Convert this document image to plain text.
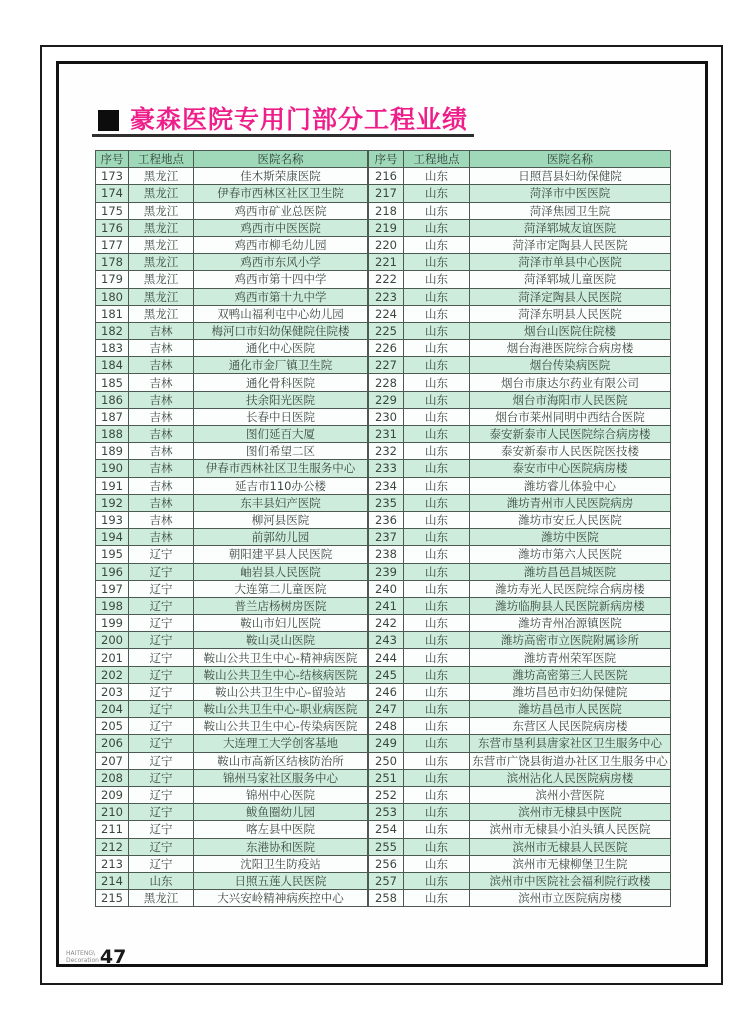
豪森医院专用门部分工程业绩
序号	工程地点	医院名称
173	黑龙江	佳木斯荣康医院
174	黑龙江	伊春市西林区社区卫生院
175	黑龙江	鸡西市矿业总医院
176	黑龙江	鸡西市中医医院
177	黑龙江	鸡西市柳毛幼儿园
178	黑龙江	鸡西市东风小学
179	黑龙江	鸡西市第十四中学
180	黑龙江	鸡西市第十九中学
181	黑龙江	双鸭山福利屯中心幼儿园
182	吉林	梅河口市妇幼保健院住院楼
183	吉林	通化中心医院
184	吉林	通化市金厂镇卫生院
185	吉林	通化骨科医院
186	吉林	扶余阳光医院
187	吉林	长春中日医院
188	吉林	图们延百大厦
189	吉林	图们希望二区
190	吉林	伊春市西林社区卫生服务中心
191	吉林	延吉市110办公楼
192	吉林	东丰县妇产医院
193	吉林	柳河县医院
194	吉林	前郭幼儿园
195	辽宁	朝阳建平县人民医院
196	辽宁	岫岩县人民医院
197	辽宁	大连第二儿童医院
198	辽宁	普兰店杨树房医院
199	辽宁	鞍山市妇儿医院
200	辽宁	鞍山灵山医院
201	辽宁	鞍山公共卫生中心-精神病医院
202	辽宁	鞍山公共卫生中心-结核病医院
203	辽宁	鞍山公共卫生中心-留验站
204	辽宁	鞍山公共卫生中心-职业病医院
205	辽宁	鞍山公共卫生中心-传染病医院
206	辽宁	大连理工大学创客基地
207	辽宁	鞍山市高新区结核防治所
208	辽宁	锦州马家社区服务中心
209	辽宁	锦州中心医院
210	辽宁	鲅鱼圈幼儿园
211	辽宁	喀左县中医院
212	辽宁	东港协和医院
213	辽宁	沈阳卫生防疫站
214	山东	日照五莲人民医院
215	黑龙江	大兴安岭精神病疾控中心
序号	工程地点	医院名称
216	山东	日照莒县妇幼保健院
217	山东	菏泽市中医医院
218	山东	菏泽焦园卫生院
219	山东	菏泽郓城友谊医院
220	山东	菏泽市定陶县人民医院
221	山东	菏泽市单县中心医院
222	山东	菏泽郓城儿童医院
223	山东	菏泽定陶县人民医院
224	山东	菏泽东明县人民医院
225	山东	烟台山医院住院楼
226	山东	烟台海港医院综合病房楼
227	山东	烟台传染病医院
228	山东	烟台市康达尔药业有限公司
229	山东	烟台市海阳市人民医院
230	山东	烟台市莱州同明中西结合医院
231	山东	泰安新泰市人民医院综合病房楼
232	山东	泰安新泰市人民医院医技楼
233	山东	泰安市中心医院病房楼
234	山东	潍坊睿儿体验中心
235	山东	潍坊青州市人民医院病房
236	山东	潍坊市安丘人民医院
237	山东	潍坊中医院
238	山东	潍坊市第六人民医院
239	山东	潍坊昌邑昌城医院
240	山东	潍坊寿光人民医院综合病房楼
241	山东	潍坊临朐县人民医院新病房楼
242	山东	潍坊青州冶源镇医院
243	山东	潍坊高密市立医院附属诊所
244	山东	潍坊青州荣军医院
245	山东	潍坊高密第三人民医院
246	山东	潍坊昌邑市妇幼保健院
247	山东	潍坊昌邑市人民医院
248	山东	东营区人民医院病房楼
249	山东	东营市垦利县唐家社区卫生服务中心
250	山东	东营市广饶县街道办社区卫生服务中心
251	山东	滨州沾化人民医院病房楼
252	山东	滨州小营医院
253	山东	滨州市无棣县中医院
254	山东	滨州市无棣县小泊头镇人民医院
255	山东	滨州市无棣县人民医院
256	山东	滨州市无棣柳堡卫生院
257	山东	滨州市中医院社会福利院行政楼
258	山东	滨州市立医院病房楼
HAITENG\
Decoration 47
